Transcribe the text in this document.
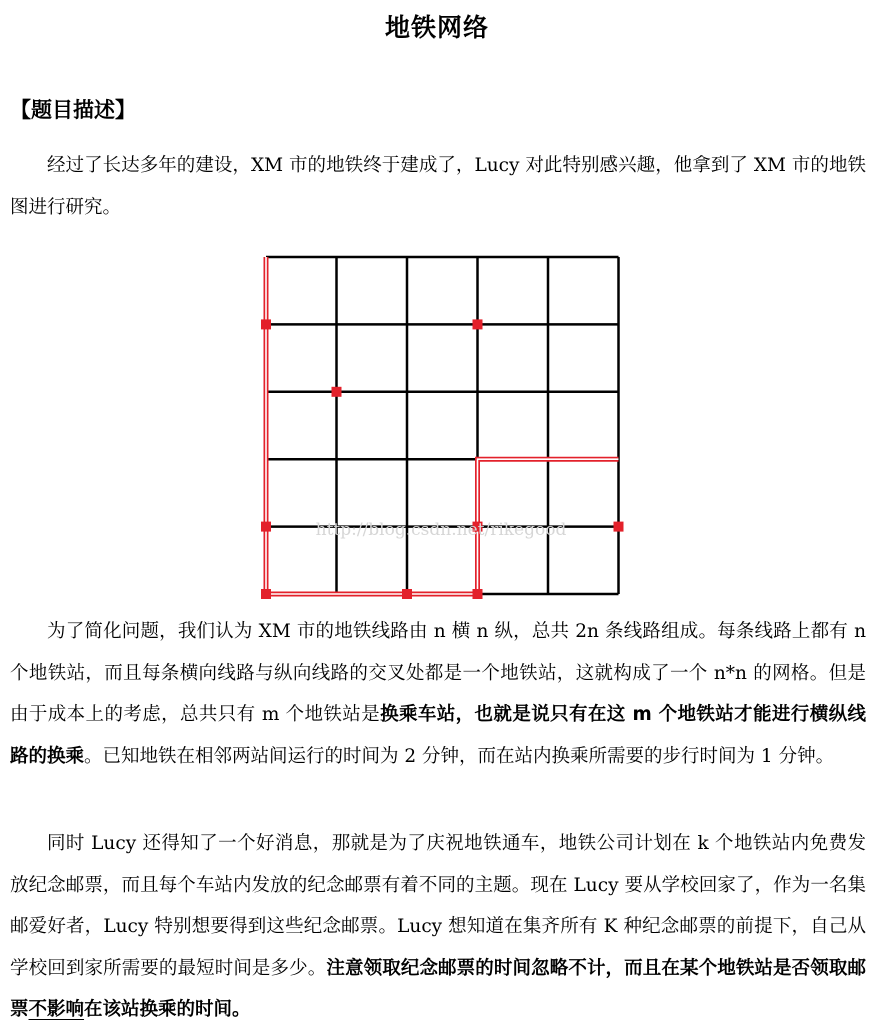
地铁网络
【题目描述】

经过了长达多年的建设，XM 市的地铁终于建成了，Lucy 对此特别感兴趣，他拿到了 XM 市的地铁图进行研究。

http://blog.csdn.net/rikegood

为了简化问题，我们认为 XM 市的地铁线路由 n 横 n 纵，总共 2n 条线路组成。每条线路上都有 n 个地铁站，而且每条横向线路与纵向线路的交叉处都是一个地铁站，这就构成了一个 n*n 的网格。但是由于成本上的考虑，总共只有 m 个地铁站是换乘车站，也就是说只有在这 m 个地铁站才能进行横纵线路的换乘。已知地铁在相邻两站间运行的时间为 2 分钟，而在站内换乘所需要的步行时间为 1 分钟。

同时 Lucy 还得知了一个好消息，那就是为了庆祝地铁通车，地铁公司计划在 k 个地铁站内免费发放纪念邮票，而且每个车站内发放的纪念邮票有着不同的主题。现在 Lucy 要从学校回家了，作为一名集邮爱好者，Lucy 特别想要得到这些纪念邮票。Lucy 想知道在集齐所有 K 种纪念邮票的前提下，自己从学校回到家所需要的最短时间是多少。注意领取纪念邮票的时间忽略不计，而且在某个地铁站是否领取邮票不影响在该站换乘的时间。
